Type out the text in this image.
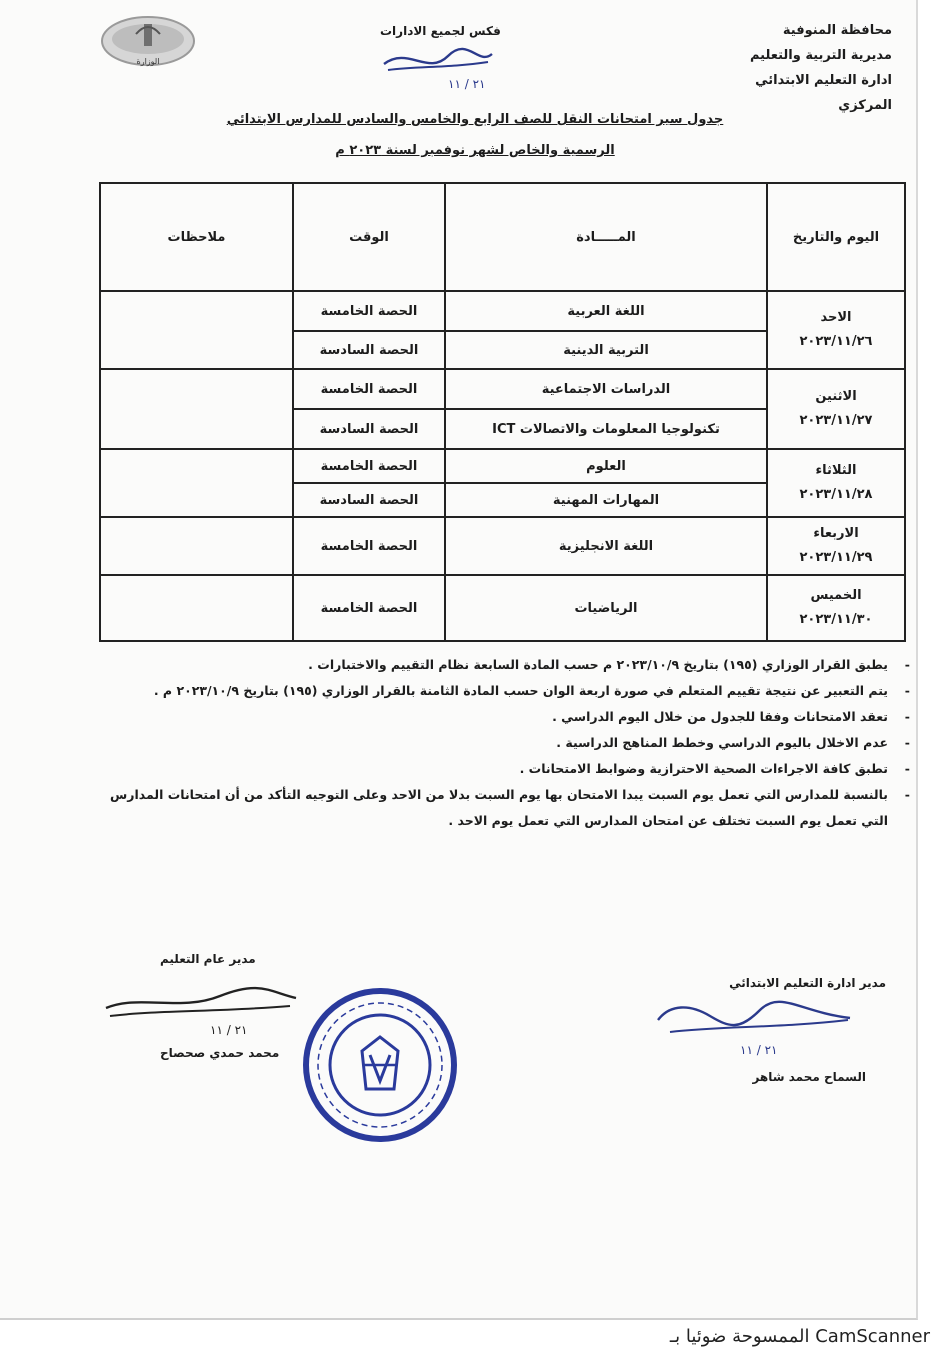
محافظة المنوفية
مديرية التربية والتعليم
ادارة التعليم الابتدائي المركزي
الوزارة
فكس لجميع الادارات
٢١ / ١١
جدول سير امتحانات النقل للصف الرابع والخامس والسادس للمدارس الابتدائي
الرسمية والخاص لشهر نوفمبر لسنة ٢٠٢٣ م
اليوم والتاريخ	المـــــادة	الوقت	ملاحظات

الاحد
٢٠٢٣/١١/٢٦	اللغة العربية	الحصة الخامسة	
	التربية الدينية	الحصة السادسة	

الاثنين
٢٠٢٣/١١/٢٧	الدراسات الاجتماعية	الحصة الخامسة	
	تكنولوجيا المعلومات والاتصالات ICT	الحصة السادسة	

الثلاثاء
٢٠٢٣/١١/٢٨	العلوم	الحصة الخامسة	
	المهارات المهنية	الحصة السادسة	

الاربعاء
٢٠٢٣/١١/٢٩	اللغة الانجليزية	الحصة الخامسة	

الخميس
٢٠٢٣/١١/٣٠	الرياضيات	الحصة الخامسة	
- يطبق القرار الوزاري (١٩٥) بتاريخ ٢٠٢٣/١٠/٩ م حسب المادة السابعة نظام التقييم والاختبارات .
- يتم التعبير عن نتيجة تقييم المتعلم في صورة اربعة الوان حسب المادة الثامنة بالقرار الوزاري (١٩٥) بتاريخ ٢٠٢٣/١٠/٩ م .
- تعقد الامتحانات وفقا للجدول من خلال اليوم الدراسي .
- عدم الاخلال باليوم الدراسي وخطط المناهج الدراسية .
- تطبق كافة الاجراءات الصحية الاحترازية وضوابط الامتحانات .
- بالنسبة للمدارس التي تعمل يوم السبت يبدا الامتحان بها يوم السبت بدلا من الاحد وعلى التوجيه التأكد من أن امتحانات المدارس التي تعمل يوم السبت تختلف عن امتحان المدارس التي تعمل يوم الاحد .
مدير ادارة التعليم الابتدائي
٢١ / ١١
السماح محمد شاهر
مدير عام التعليم
٢١ / ١١
محمد حمدي صحصاح
الممسوحة ضوئيا بـ CamScanner
